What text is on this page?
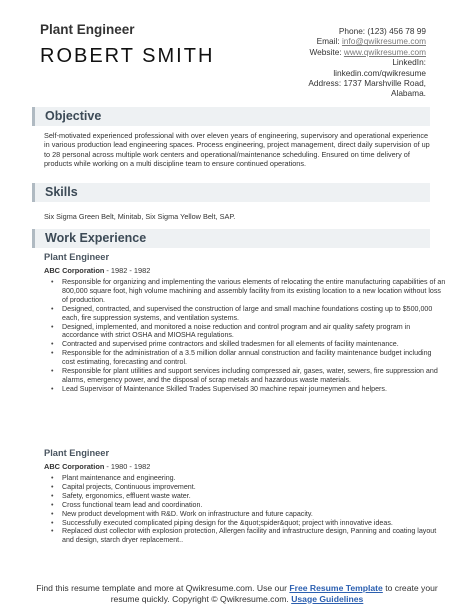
Plant Engineer
ROBERT SMITH
Phone: (123) 456 78 99
Email: info@qwikresume.com
Website: www.qwikresume.com
LinkedIn:
linkedin.com/qwikresume
Address: 1737 Marshville Road,
Alabama.
Objective
Self-motivated experienced professional with over eleven years of engineering, supervisory and operational experience in various production lead engineering spaces. Process engineering, project management, direct daily supervision of up to 28 personal across multiple work centers and operational/maintenance scheduling. Ensured on time delivery of products while working on a multi discipline team to ensure continued operations.
Skills
Six Sigma Green Belt, Minitab, Six Sigma Yellow Belt, SAP.
Work Experience
Plant Engineer
ABC Corporation - 1982 - 1982
• Responsible for organizing and implementing the various elements of relocating the entire manufacturing capabilities of an 800,000 square foot, high volume machining and assembly facility from its existing location to a new location without loss of production.
• Designed, contracted, and supervised the construction of large and small machine foundations costing up to $500,000 each, fire suppression systems, and ventilation systems.
• Designed, implemented, and monitored a noise reduction and control program and air quality safety program in accordance with strict OSHA and MIOSHA regulations.
• Contracted and supervised prime contractors and skilled tradesmen for all elements of facility maintenance.
• Responsible for the administration of a 3.5 million dollar annual construction and facility maintenance budget including cost estimating, forecasting and control.
• Responsible for plant utilities and support services including compressed air, gases, water, sewers, fire suppression and alarms, emergency power, and the disposal of scrap metals and hazardous waste materials.
• Lead Supervisor of Maintenance Skilled Trades Supervised 30 machine repair journeymen and helpers.
Plant Engineer
ABC Corporation - 1980 - 1982
• Plant maintenance and engineering.
• Capital projects, Continuous improvement.
• Safety, ergonomics, effluent waste water.
• Cross functional team lead and coordination.
• New product development with R&D. Work on infrastructure and future capacity.
• Successfully executed complicated piping design for the &quot;spider&quot; project with innovative ideas.
• Replaced dust collector with explosion protection, Allergen facility and infrastructure design, Panning and coating layout and design, starch dryer replacement..
Find this resume template and more at Qwikresume.com. Use our Free Resume Template to create your resume quickly. Copyright © Qwikresume.com. Usage Guidelines
